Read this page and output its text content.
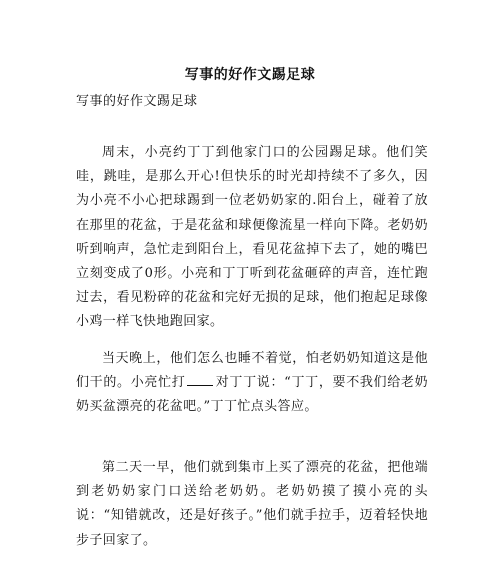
写事的好作文踢足球
写事的好作文踢足球

周末，小亮约丁丁到他家门口的公园踢足球。他们笑哇，跳哇，是那么开心!但快乐的时光却持续不了多久，因为小亮不小心把球踢到一位老奶奶家的.阳台上，碰着了放在那里的花盆，于是花盆和球便像流星一样向下降。老奶奶听到响声，急忙走到阳台上，看见花盆掉下去了，她的嘴巴立刻变成了0形。小亮和丁丁听到花盆砸碎的声音，连忙跑过去，看见粉碎的花盆和完好无损的足球，他们抱起足球像小鸡一样飞快地跑回家。

当天晚上，他们怎么也睡不着觉，怕老奶奶知道这是他们干的。小亮忙打 对丁丁说：“丁丁，要不我们给老奶奶买盆漂亮的花盆吧。”丁丁忙点头答应。

第二天一早，他们就到集市上买了漂亮的花盆，把他端到老奶奶家门口送给老奶奶。老奶奶摸了摸小亮的头说：“知错就改，还是好孩子。”他们就手拉手，迈着轻快地步子回家了。
